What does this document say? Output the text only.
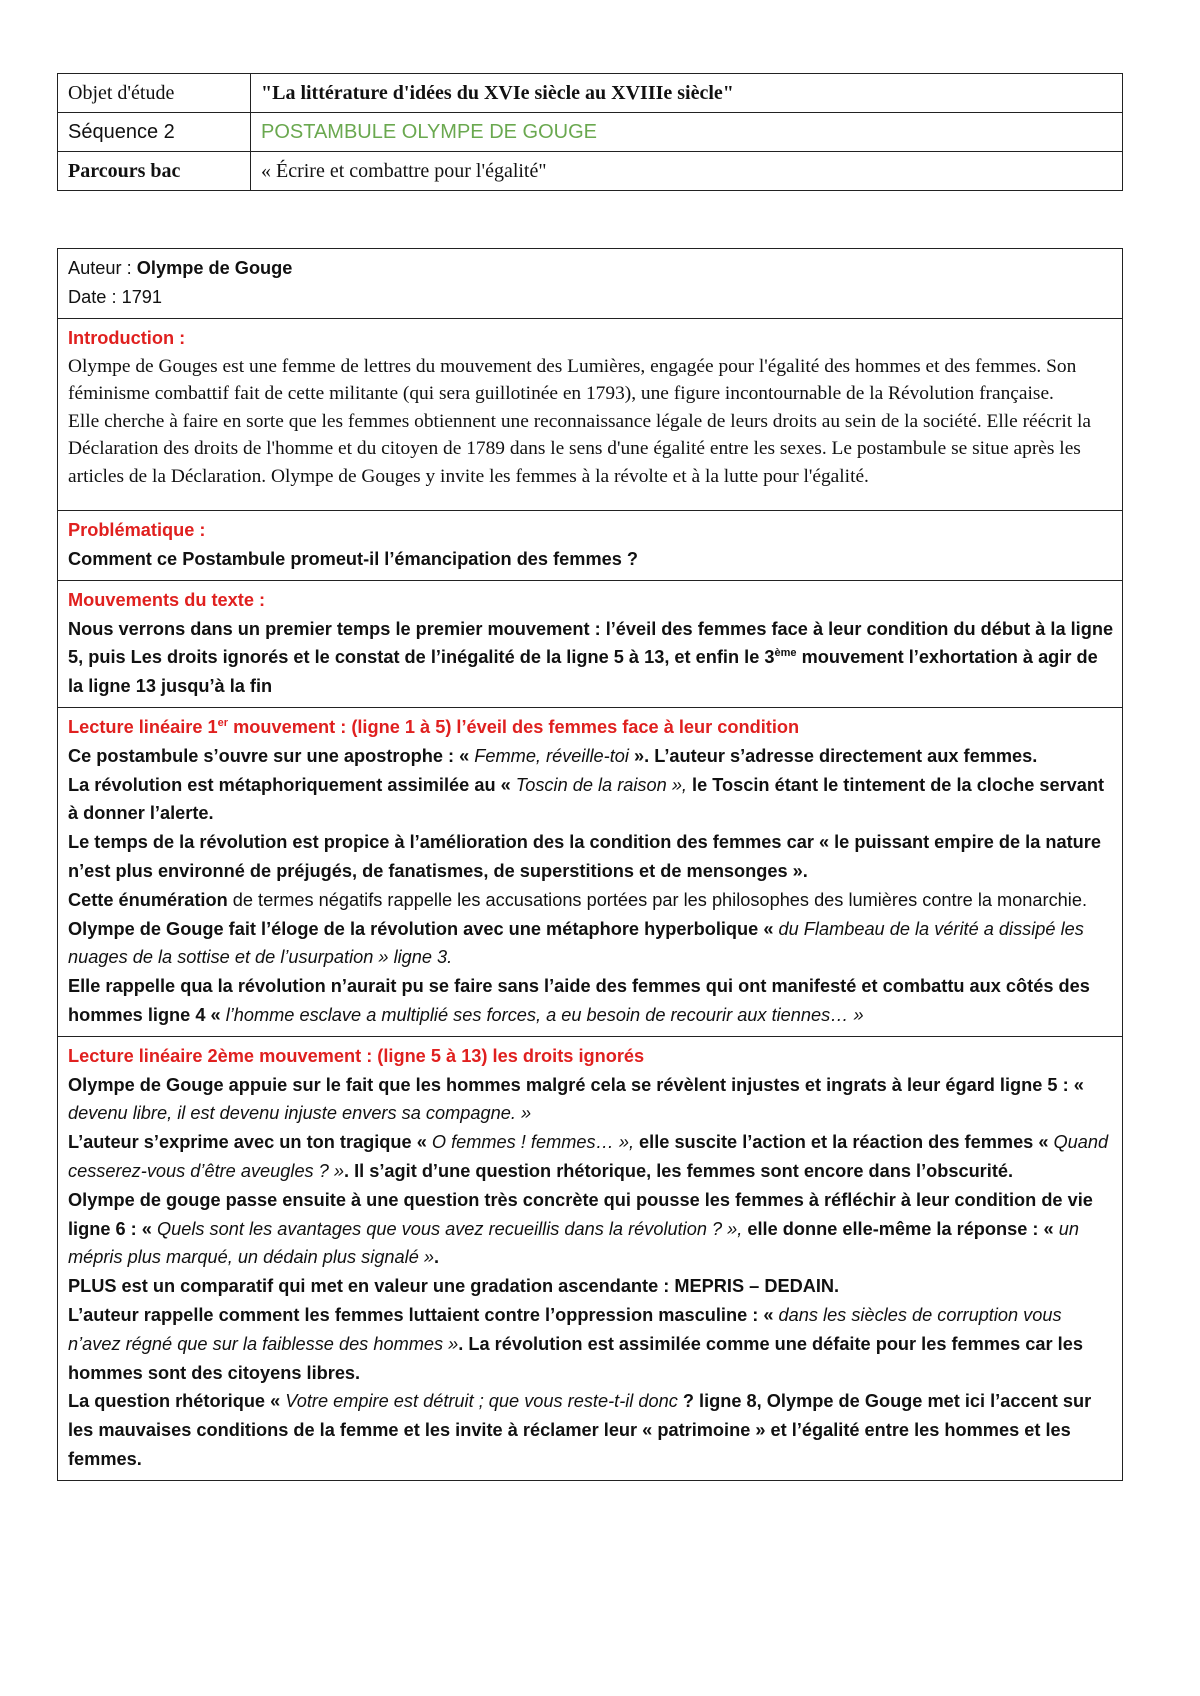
Objet d'étude	"La littérature d'idées du XVIe siècle au XVIIIe siècle"
Séquence 2	POSTAMBULE OLYMPE DE GOUGE
Parcours bac	« Écrire et combattre pour l'égalité"

Auteur : Olympe de Gouge

Date : 1791

Introduction :

Olympe de Gouges est une femme de lettres du mouvement des Lumières, engagée pour l'égalité des hommes et des femmes. Son féminisme combattif fait de cette militante (qui sera guillotinée en 1793), une figure incontournable de la Révolution française.

Elle cherche à faire en sorte que les femmes obtiennent une reconnaissance légale de leurs droits au sein de la société. Elle réécrit la Déclaration des droits de l'homme et du citoyen de 1789 dans le sens d'une égalité entre les sexes. Le postambule se situe après les articles de la Déclaration. Olympe de Gouges y invite les femmes à la révolte et à la lutte pour l'égalité.

Problématique :

Comment ce Postambule promeut-il l’émancipation des femmes ?

Mouvements du texte :

Nous verrons dans un premier temps le premier mouvement : l’éveil des femmes face à leur condition du début à la ligne 5, puis Les droits ignorés et le constat de l’inégalité de la ligne 5 à 13, et enfin le 3ème mouvement l’exhortation à agir de la ligne 13 jusqu’à la fin

Lecture linéaire 1er mouvement : (ligne 1 à 5) l’éveil des femmes face à leur condition

Ce postambule s’ouvre sur une apostrophe : « Femme, réveille-toi ». L’auteur s’adresse directement aux femmes.

La révolution est métaphoriquement assimilée au « Toscin de la raison », le Toscin étant le tintement de la cloche servant à donner l’alerte.

Le temps de la révolution est propice à l’amélioration des la condition des femmes car « le puissant empire de la nature n’est plus environné de préjugés, de fanatismes, de superstitions et de mensonges ».

Cette énumération de termes négatifs rappelle les accusations portées par les philosophes des lumières contre la monarchie.

Olympe de Gouge fait l’éloge de la révolution avec une métaphore hyperbolique « du Flambeau de la vérité a dissipé les nuages de la sottise et de l’usurpation » ligne 3.

Elle rappelle qua la révolution n’aurait pu se faire sans l’aide des femmes qui ont manifesté et combattu aux côtés des hommes ligne 4 « l’homme esclave a multiplié ses forces, a eu besoin de recourir aux tiennes… »

Lecture linéaire 2ème mouvement : (ligne 5 à 13) les droits ignorés

Olympe de Gouge appuie sur le fait que les hommes malgré cela se révèlent injustes et ingrats à leur égard ligne 5 : « devenu libre, il est devenu injuste envers sa compagne. »

L’auteur s’exprime avec un ton tragique « O femmes ! femmes… », elle suscite l’action et la réaction des femmes « Quand cesserez-vous d’être aveugles ? ». Il s’agit d’une question rhétorique, les femmes sont encore dans l’obscurité.

Olympe de gouge passe ensuite à une question très concrète qui pousse les femmes à réfléchir à leur condition de vie ligne 6 : « Quels sont les avantages que vous avez recueillis dans la révolution ? », elle donne elle-même la réponse : « un mépris plus marqué, un dédain plus signalé ».

PLUS est un comparatif qui met en valeur une gradation ascendante : MEPRIS – DEDAIN.

L’auteur rappelle comment les femmes luttaient contre l’oppression masculine : « dans les siècles de corruption vous n’avez régné que sur la faiblesse des hommes ». La révolution est assimilée comme une défaite pour les femmes car les hommes sont des citoyens libres.

La question rhétorique « Votre empire est détruit ; que vous reste-t-il donc ? ligne 8, Olympe de Gouge met ici l’accent sur les mauvaises conditions de la femme et les invite à réclamer leur « patrimoine » et l’égalité entre les hommes et les femmes.
